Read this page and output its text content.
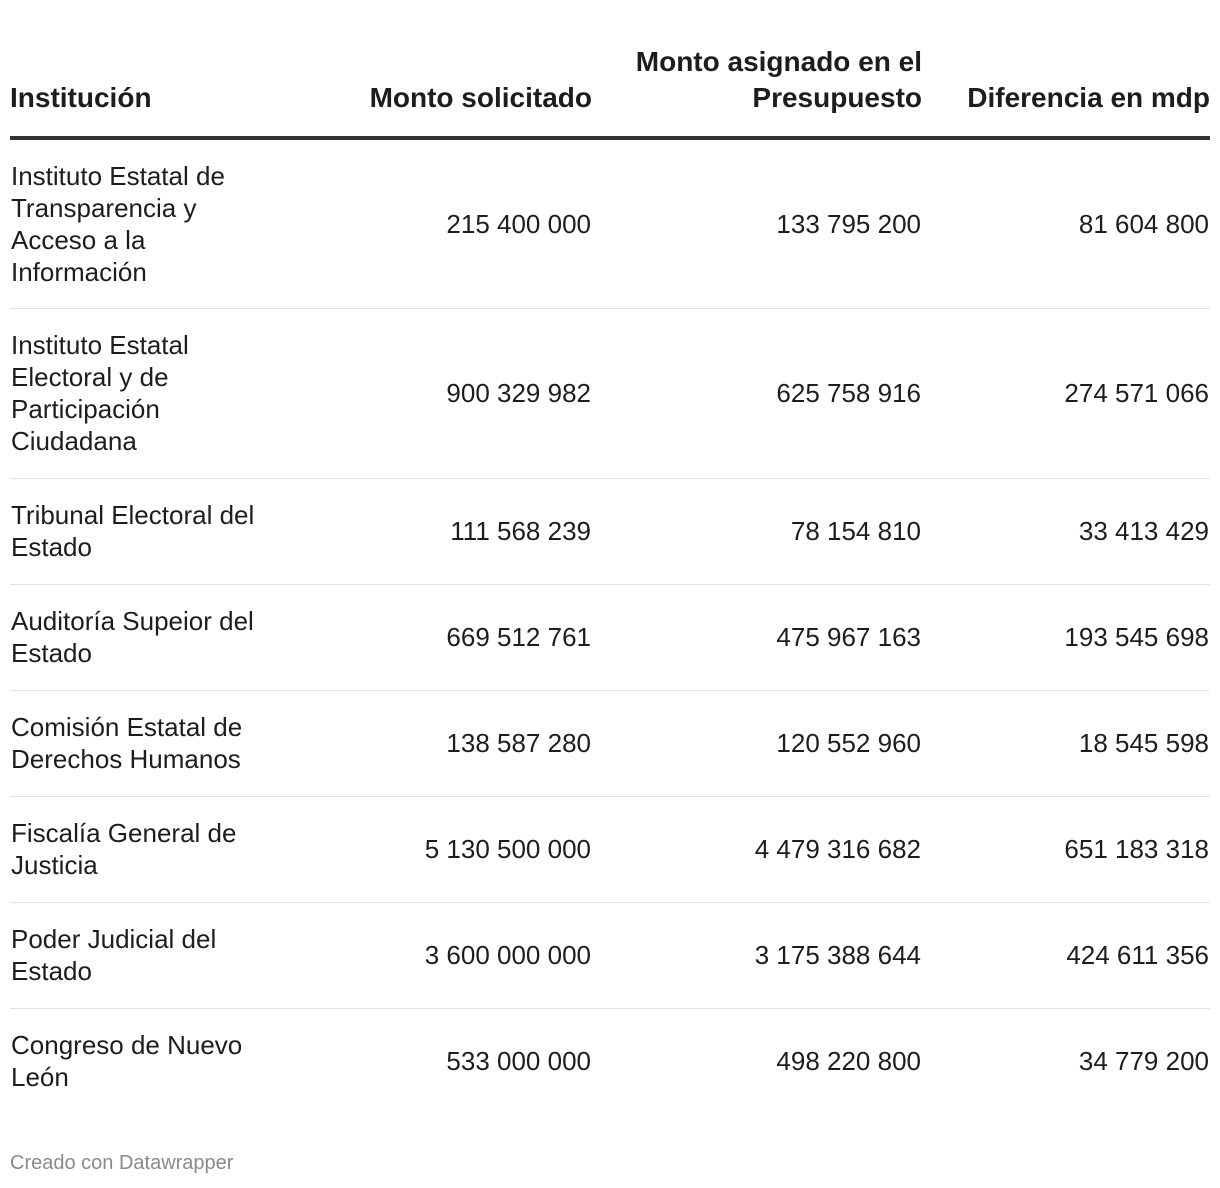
Institución	Monto solicitado	Monto asignado en el Presupuesto	Diferencia en mdp
Instituto Estatal de Transparencia y Acceso a la Información	215 400 000	133 795 200	81 604 800
Instituto Estatal Electoral y de Participación Ciudadana	900 329 982	625 758 916	274 571 066
Tribunal Electoral del Estado	111 568 239	78 154 810	33 413 429
Auditoría Supeior del Estado	669 512 761	475 967 163	193 545 698
Comisión Estatal de Derechos Humanos	138 587 280	120 552 960	18 545 598
Fiscalía General de Justicia	5 130 500 000	4 479 316 682	651 183 318
Poder Judicial del Estado	3 600 000 000	3 175 388 644	424 611 356
Congreso de Nuevo León	533 000 000	498 220 800	34 779 200
Creado con Datawrapper
